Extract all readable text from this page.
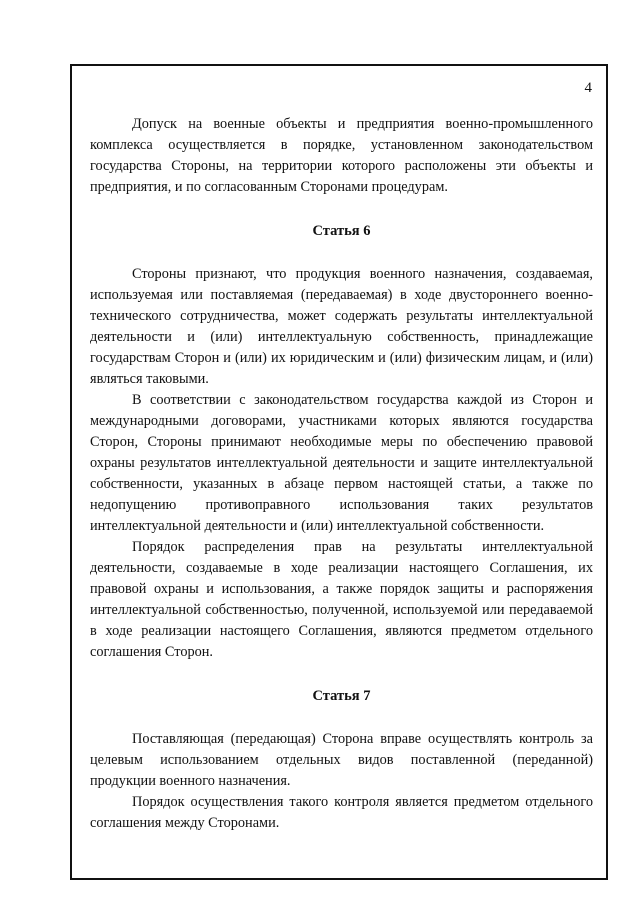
4

Допуск на военные объекты и предприятия военно-промышленного комплекса осуществляется в порядке, установленном законодательством государства Стороны, на территории которого расположены эти объекты и предприятия, и по согласованным Сторонами процедурам.

Статья 6

Стороны признают, что продукция военного назначения, создаваемая, используемая или поставляемая (передаваемая) в ходе двустороннего военно-технического сотрудничества, может содержать результаты интеллектуальной деятельности и (или) интеллектуальную собственность, принадлежащие государствам Сторон и (или) их юридическим и (или) физическим лицам, и (или) являться таковыми.

В соответствии с законодательством государства каждой из Сторон и международными договорами, участниками которых являются государства Сторон, Стороны принимают необходимые меры по обеспечению правовой охраны результатов интеллектуальной деятельности и защите интеллектуальной собственности, указанных в абзаце первом настоящей статьи, а также по недопущению противоправного использования таких результатов интеллектуальной деятельности и (или) интеллектуальной собственности.

Порядок распределения прав на результаты интеллектуальной деятельности, создаваемые в ходе реализации настоящего Соглашения, их правовой охраны и использования, а также порядок защиты и распоряжения интеллектуальной собственностью, полученной, используемой или передаваемой в ходе реализации настоящего Соглашения, являются предметом отдельного соглашения Сторон.

Статья 7

Поставляющая (передающая) Сторона вправе осуществлять контроль за целевым использованием отдельных видов поставленной (переданной) продукции военного назначения.

Порядок осуществления такого контроля является предметом отдельного соглашения между Сторонами.
